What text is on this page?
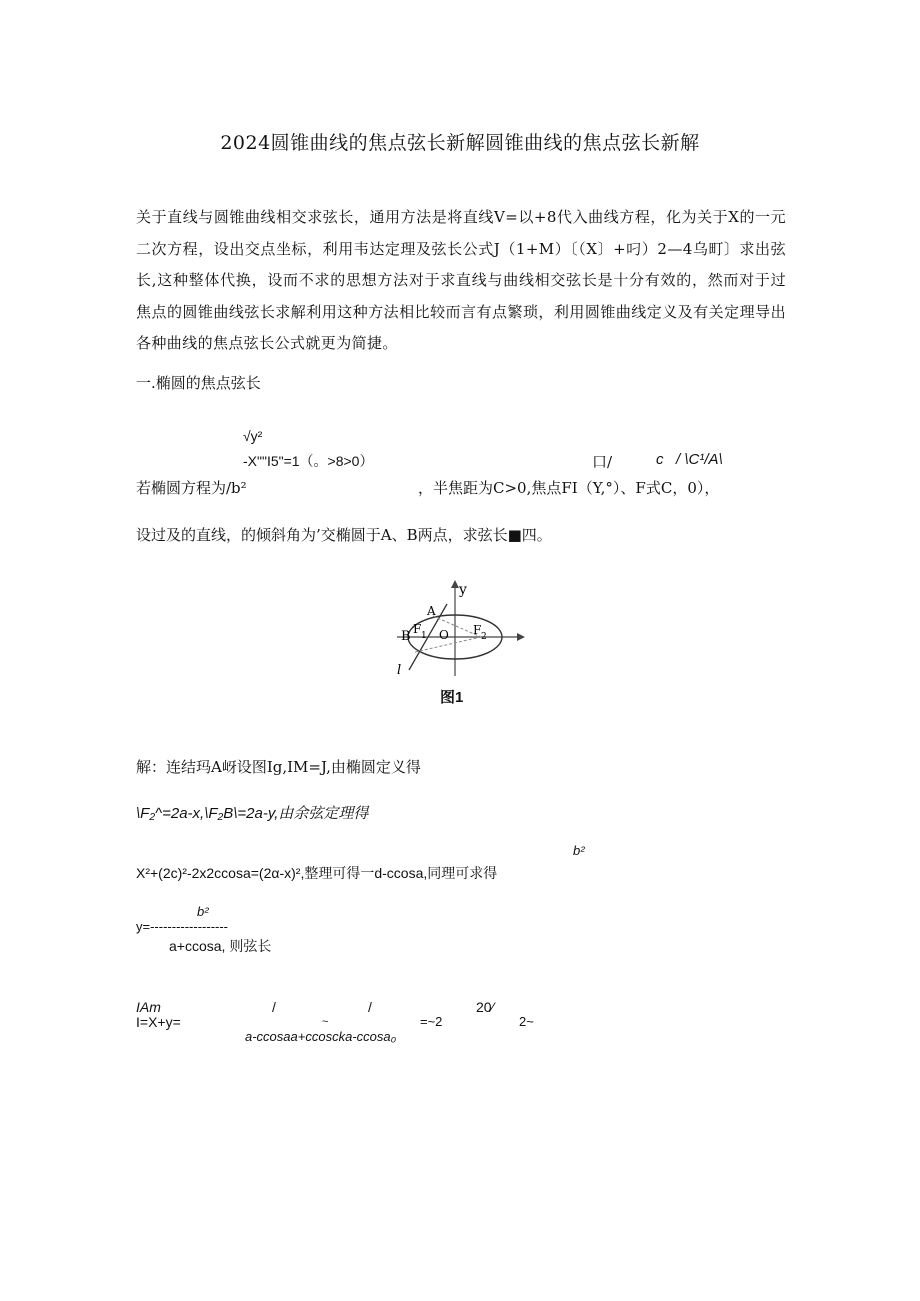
2024圆锥曲线的焦点弦长新解圆锥曲线的焦点弦长新解
关于直线与圆锥曲线相交求弦长，通用方法是将直线V=以+8代入曲线方程，化为关于X的一元二次方程，设出交点坐标，利用韦达定理及弦长公式J（1+M）〔（X〕+叼）2—4乌町〕求出弦长,这种整体代换，设而不求的思想方法对于求直线与曲线相交弦长是十分有效的，然而对于过焦点的圆锥曲线弦长求解利用这种方法相比较而言有点繁琐，利用圆锥曲线定义及有关定理导出各种曲线的焦点弦长公式就更为简捷。
一.椭圆的焦点弦长
√y²
-X""I5"=1（。>8>0）	口/	c / \C¹/A\
若椭圆方程为/b²	，半焦距为C>0,焦点FI（Y,°）、F式C，0），
设过及的直线，的倾斜角为’交椭圆于A、B两点，求弦长■四。
y
A
B F 1 O F 2
l
图1
解：连结玛A岈设图Ig,IM=J,由椭圆定义得
\F₂^=2a-x,\F₂B\=2a-y,由余弦定理得
b²
X²+(2c)²-2x2ccosa=(2α-x)²,整理可得一d-ccosa,同理可求得
b²
y=------------------
a+ccosa, 则弦长
IAm	/	/	20⁄
I=X+y=	~	=~2	2~
a-ccosaa+ccoscka-ccosa₀
